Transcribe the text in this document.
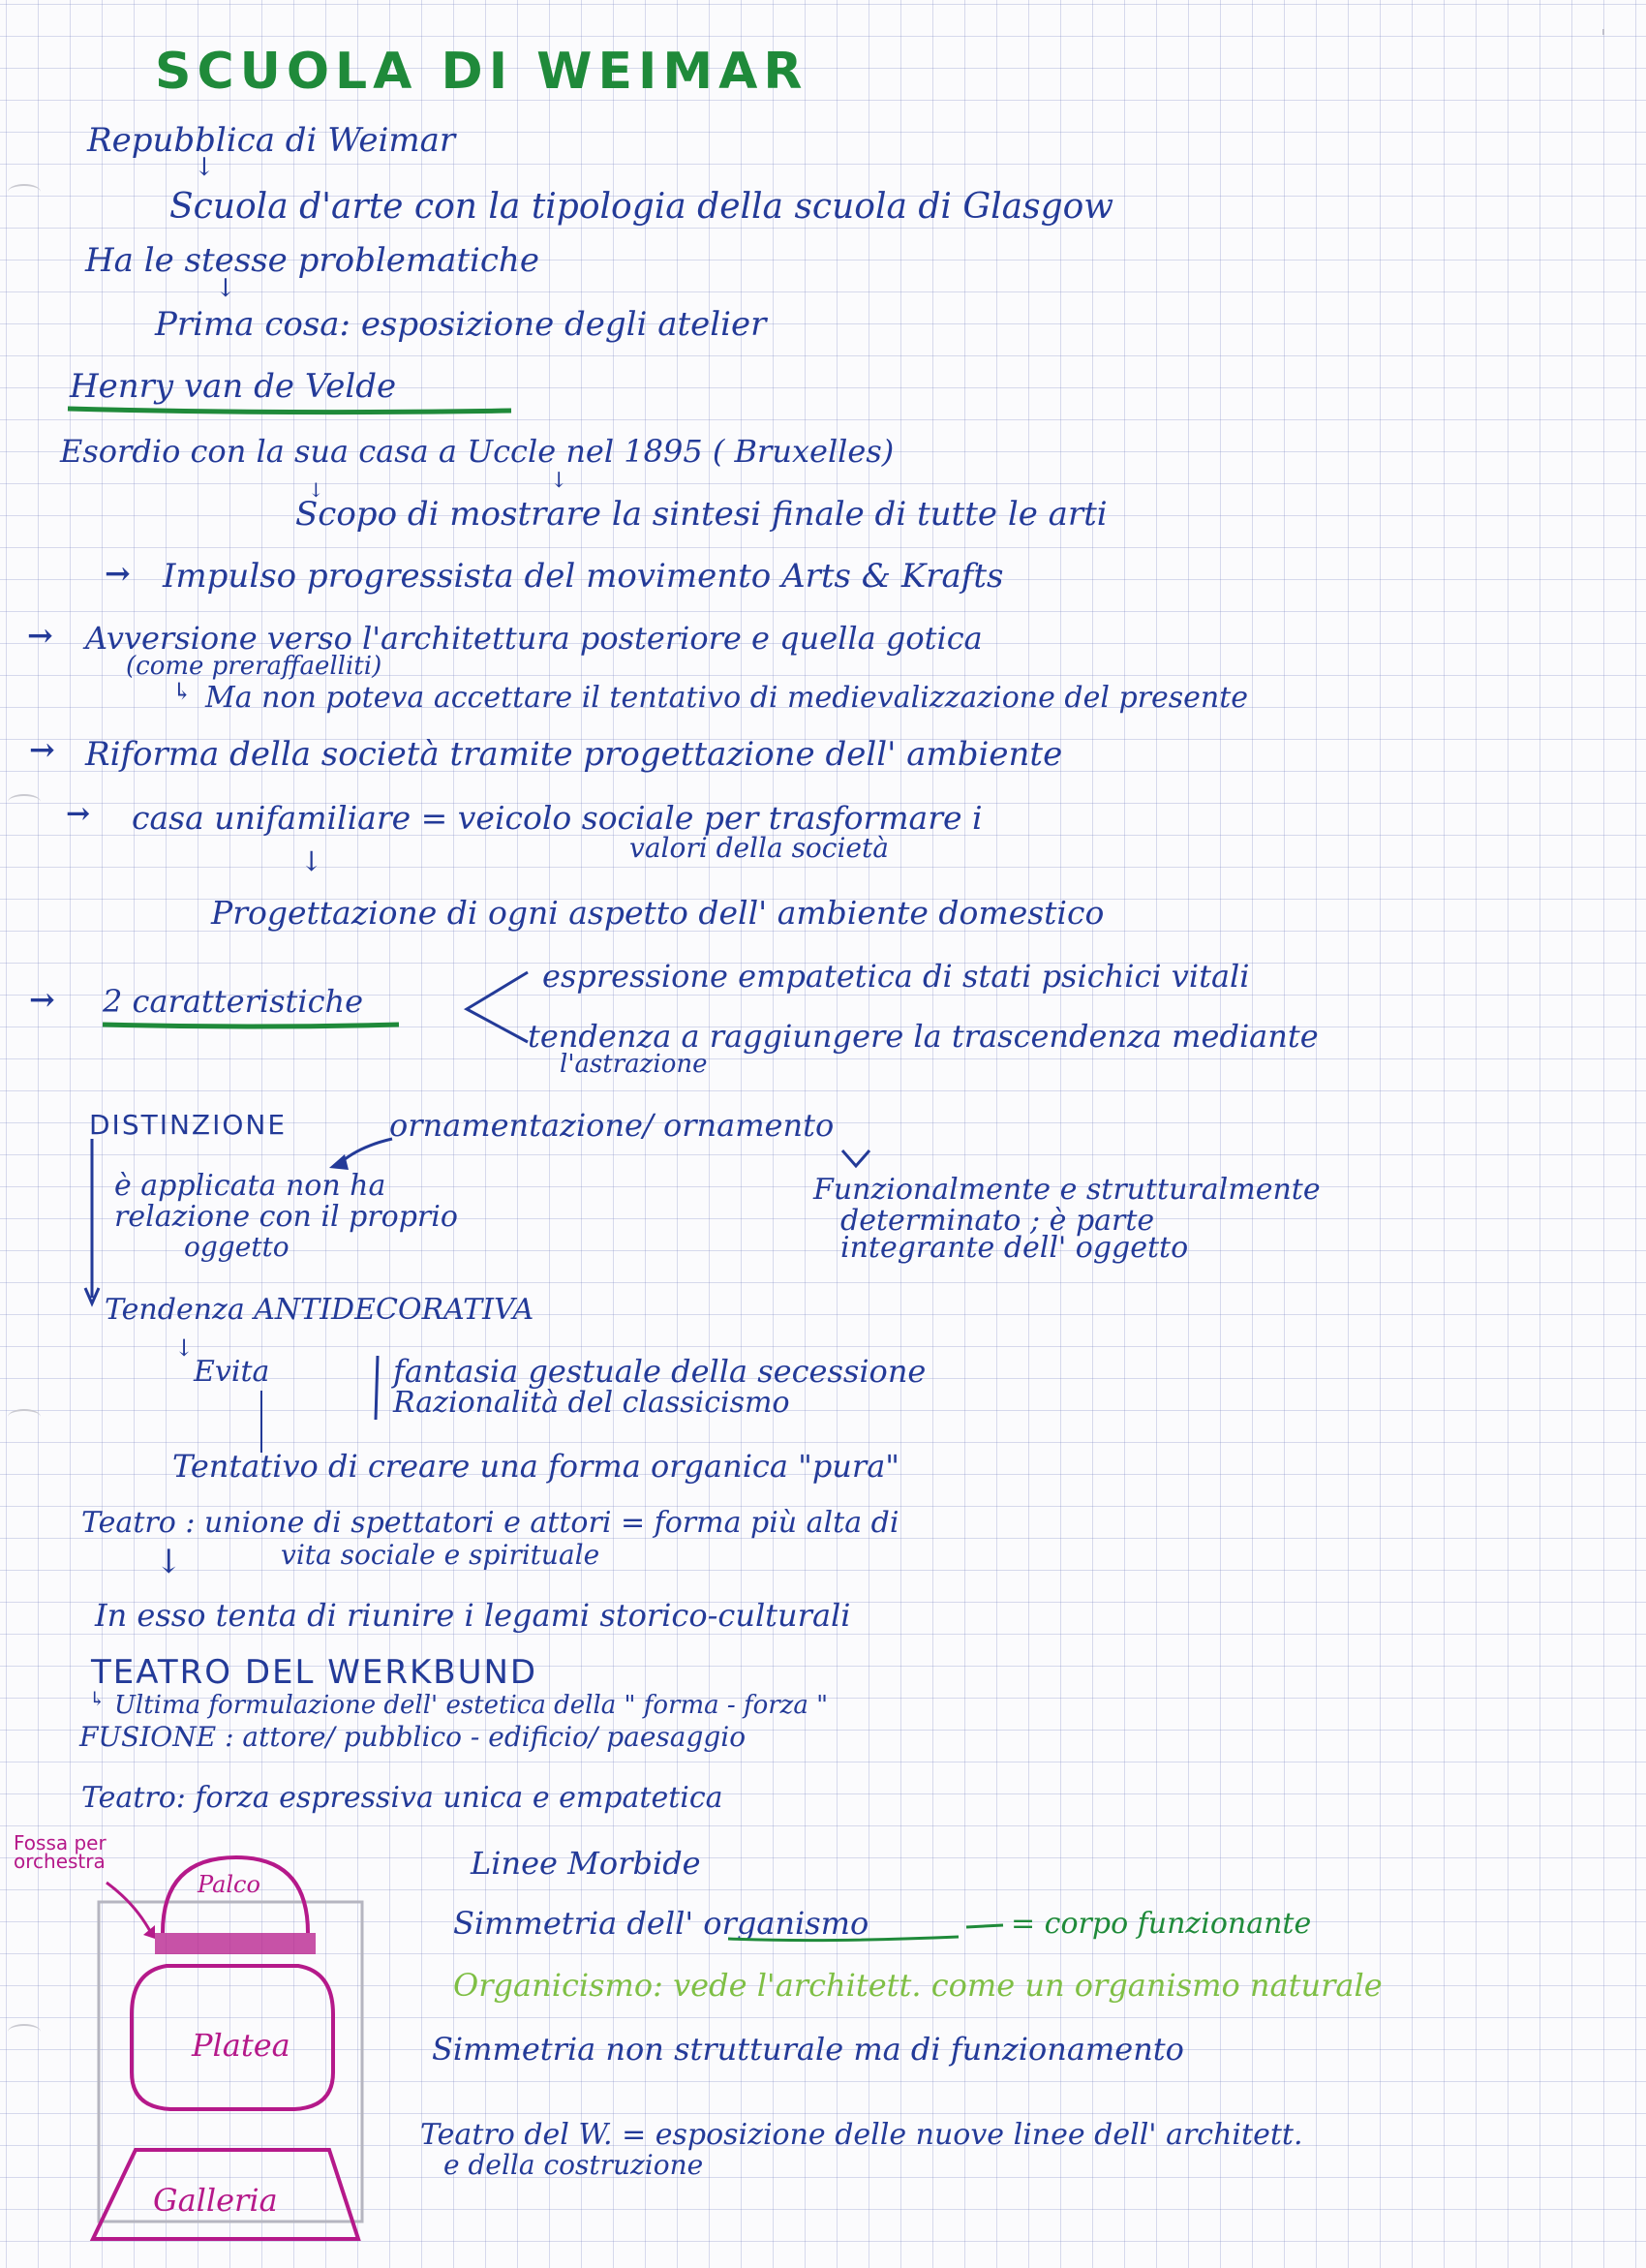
SCUOLA DI WEIMAR
Repubblica di Weimar
↓
Scuola d'arte con la tipologia della scuola di Glasgow
Ha le stesse problematiche
↓
Prima cosa: esposizione degli atelier
Henry van de Velde
Esordio con la sua casa a Uccle nel 1895 ( Bruxelles)
↓
↓
Scopo di mostrare la sintesi finale di tutte le arti
→ Impulso progressista del movimento Arts & Krafts
→ Avversione verso l'architettura posteriore e quella gotica
(come preraffaelliti)
↳ Ma non poteva accettare il tentativo di medievalizzazione del presente
→ Riforma della società tramite progettazione dell' ambiente
→ casa unifamiliare = veicolo sociale per trasformare i
valori della società
↓
Progettazione di ogni aspetto dell' ambiente domestico
→ 2 caratteristiche
espressione empatetica di stati psichici vitali
tendenza a raggiungere la trascendenza mediante
l'astrazione
DISTINZIONE	ornamentazione/ ornamento
è applicata non ha
relazione con il proprio
oggetto
Funzionalmente e strutturalmente
determinato ; è parte
integrante dell' oggetto
Tendenza ANTIDECORATIVA
↓
Evita	fantasia gestuale della secessione
Razionalità del classicismo
Tentativo di creare una forma organica "pura"
Teatro : unione di spettatori e attori = forma più alta di
vita sociale e spirituale
↓
In esso tenta di riunire i legami storico-culturali
TEATRO DEL WERKBUND
↳ Ultima formulazione dell' estetica della " forma - forza "
FUSIONE : attore/ pubblico - edificio/ paesaggio
Teatro: forza espressiva unica e empatetica
Fossa per orchestra
Palco
Platea
Galleria
Linee Morbide
Simmetria dell' organismo	= corpo funzionante
Organicismo: vede l'architett. come un organismo naturale
Simmetria non strutturale ma di funzionamento
Teatro del W. = esposizione delle nuove linee dell' architett.
e della costruzione
